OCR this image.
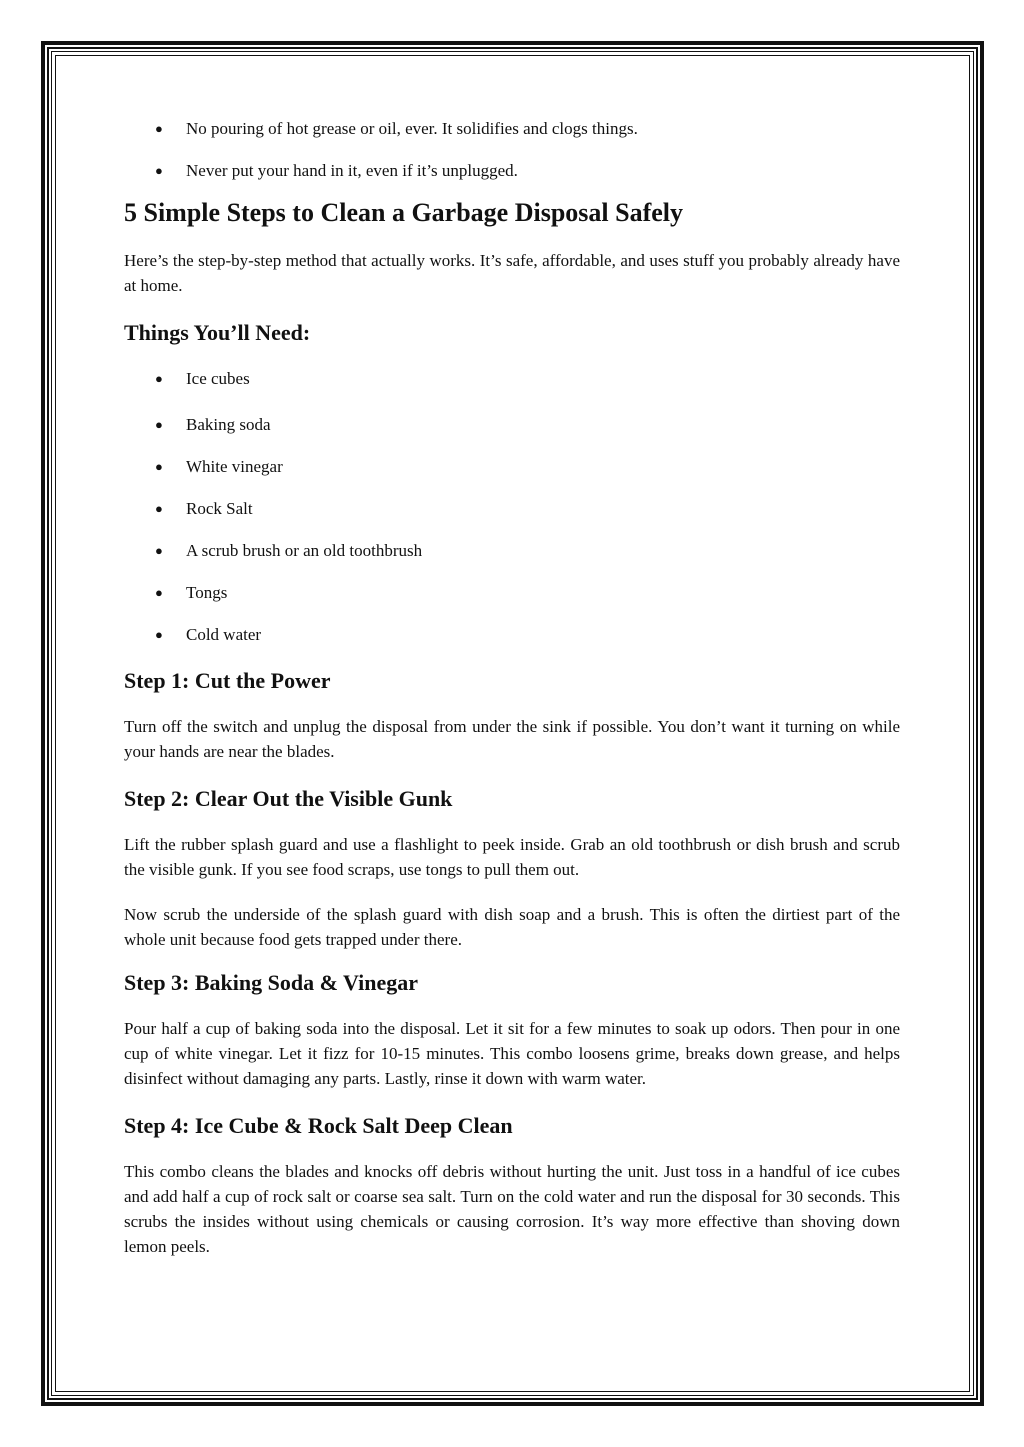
● No pouring of hot grease or oil, ever. It solidifies and clogs things.
● Never put your hand in it, even if it’s unplugged.
5 Simple Steps to Clean a Garbage Disposal Safely

Here’s the step-by-step method that actually works. It’s safe, affordable, and uses stuff you probably already have at home.

Things You’ll Need:
● Ice cubes
● Baking soda
● White vinegar
● Rock Salt
● A scrub brush or an old toothbrush
● Tongs
● Cold water
Step 1: Cut the Power

Turn off the switch and unplug the disposal from under the sink if possible. You don’t want it turning on while your hands are near the blades.

Step 2: Clear Out the Visible Gunk

Lift the rubber splash guard and use a flashlight to peek inside. Grab an old toothbrush or dish brush and scrub the visible gunk. If you see food scraps, use tongs to pull them out.

Now scrub the underside of the splash guard with dish soap and a brush. This is often the dirtiest part of the whole unit because food gets trapped under there.

Step 3: Baking Soda & Vinegar

Pour half a cup of baking soda into the disposal. Let it sit for a few minutes to soak up odors. Then pour in one cup of white vinegar. Let it fizz for 10-15 minutes. This combo loosens grime, breaks down grease, and helps disinfect without damaging any parts. Lastly, rinse it down with warm water.

Step 4: Ice Cube & Rock Salt Deep Clean

This combo cleans the blades and knocks off debris without hurting the unit. Just toss in a handful of ice cubes and add half a cup of rock salt or coarse sea salt. Turn on the cold water and run the disposal for 30 seconds. This scrubs the insides without using chemicals or causing corrosion. It’s way more effective than shoving down lemon peels.
